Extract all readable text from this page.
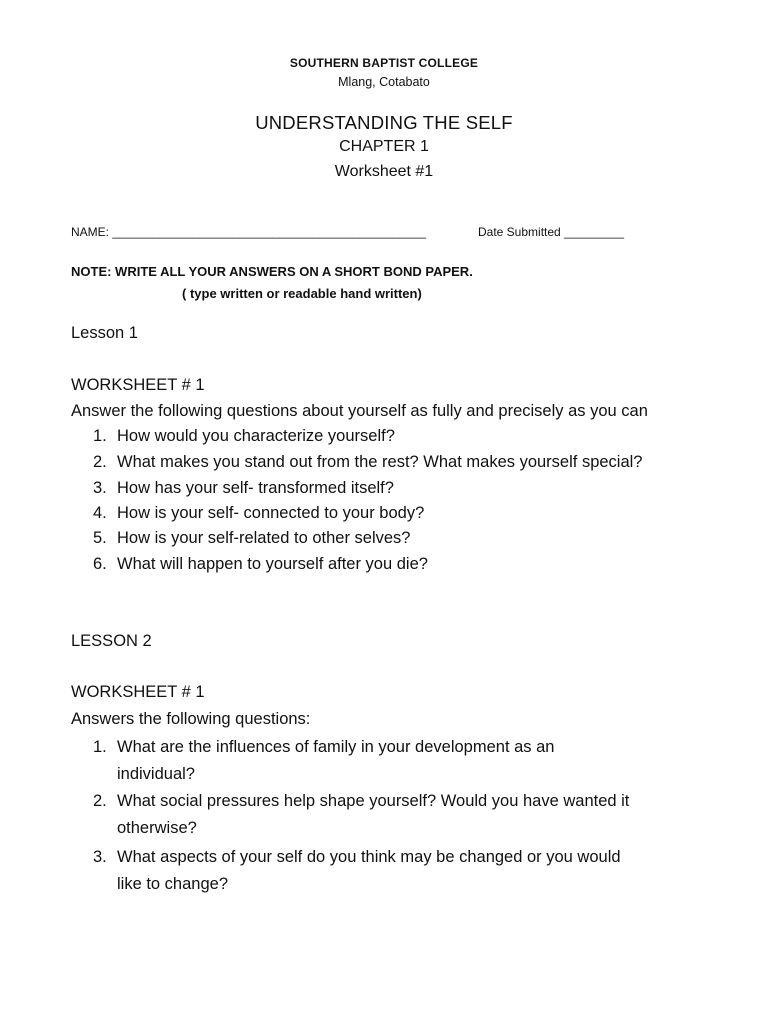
SOUTHERN BAPTIST COLLEGE
Mlang, Cotabato
UNDERSTANDING THE SELF
CHAPTER 1
Worksheet #1
NAME: _______________________________________________	Date Submitted _________
NOTE: WRITE ALL YOUR ANSWERS ON A SHORT BOND PAPER.
( type written or readable hand written)
Lesson 1
WORKSHEET # 1
Answer the following questions about yourself as fully and precisely as you can
1. How would you characterize yourself?
2. What makes you stand out from the rest? What makes yourself special?
3. How has your self- transformed itself?
4. How is your self- connected to your body?
5. How is your self-related to other selves?
6. What will happen to yourself after you die?
LESSON 2
WORKSHEET # 1
Answers the following questions:
1. What are the influences of family in your development as an
individual?
2. What social pressures help shape yourself? Would you have wanted it
otherwise?
3. What aspects of your self do you think may be changed or you would
like to change?
